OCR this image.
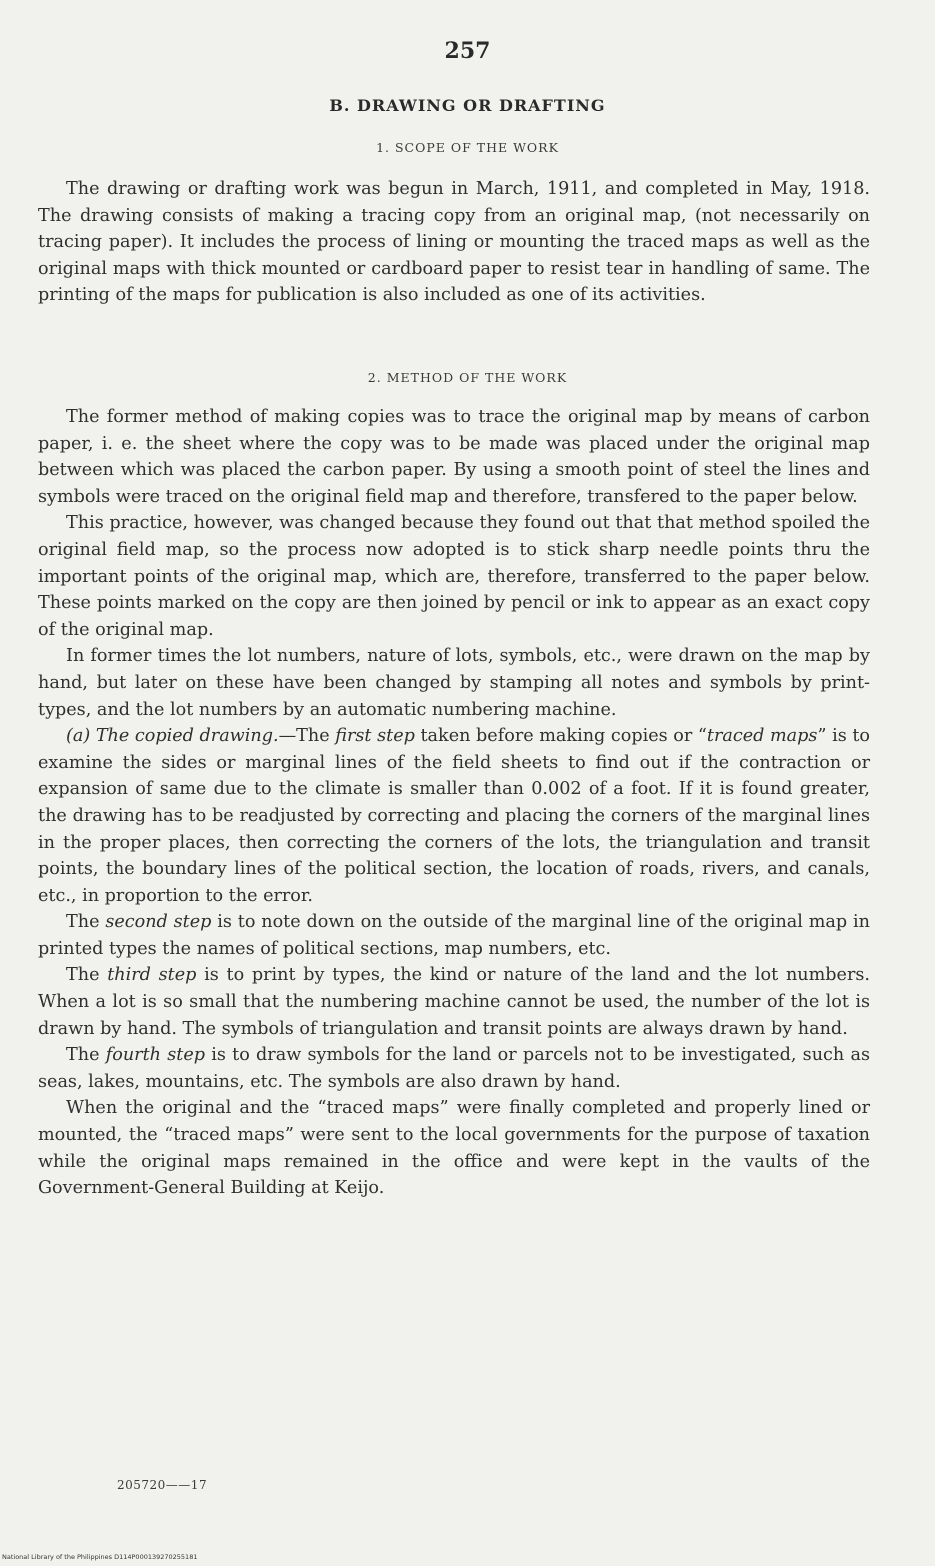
257
B. DRAWING OR DRAFTING
1. SCOPE OF THE WORK

The drawing or drafting work was begun in March, 1911, and completed in May, 1918. The drawing consists of making a tracing copy from an original map, (not necessarily on tracing paper). It includes the process of lining or mounting the traced maps as well as the original maps with thick mounted or cardboard paper to resist tear in handling of same. The printing of the maps for publication is also included as one of its activities.

2. METHOD OF THE WORK

The former method of making copies was to trace the original map by means of carbon paper, i. e. the sheet where the copy was to be made was placed under the original map between which was placed the carbon paper. By using a smooth point of steel the lines and symbols were traced on the original field map and therefore, transfered to the paper below.

This practice, however, was changed because they found out that that method spoiled the original field map, so the process now adopted is to stick sharp needle points thru the important points of the original map, which are, therefore, transferred to the paper below. These points marked on the copy are then joined by pencil or ink to appear as an exact copy of the original map.

In former times the lot numbers, nature of lots, symbols, etc., were drawn on the map by hand, but later on these have been changed by stamping all notes and symbols by print-types, and the lot numbers by an automatic numbering machine.

(a) The copied drawing.—The first step taken before making copies or “traced maps” is to examine the sides or marginal lines of the field sheets to find out if the contraction or expansion of same due to the climate is smaller than 0.002 of a foot. If it is found greater, the drawing has to be readjusted by correcting and placing the corners of the marginal lines in the proper places, then correcting the corners of the lots, the triangulation and transit points, the boundary lines of the political section, the location of roads, rivers, and canals, etc., in proportion to the error.

The second step is to note down on the outside of the marginal line of the original map in printed types the names of political sections, map numbers, etc.

The third step is to print by types, the kind or nature of the land and the lot numbers. When a lot is so small that the numbering machine cannot be used, the number of the lot is drawn by hand. The symbols of triangulation and transit points are always drawn by hand.

The fourth step is to draw symbols for the land or parcels not to be investigated, such as seas, lakes, mountains, etc. The symbols are also drawn by hand.

When the original and the “traced maps” were finally completed and properly lined or mounted, the “traced maps” were sent to the local governments for the purpose of taxation while the original maps remained in the office and were kept in the vaults of the Government-General Building at Keijo.

205720——17
National Library of the Philippines D114P000139270255181
